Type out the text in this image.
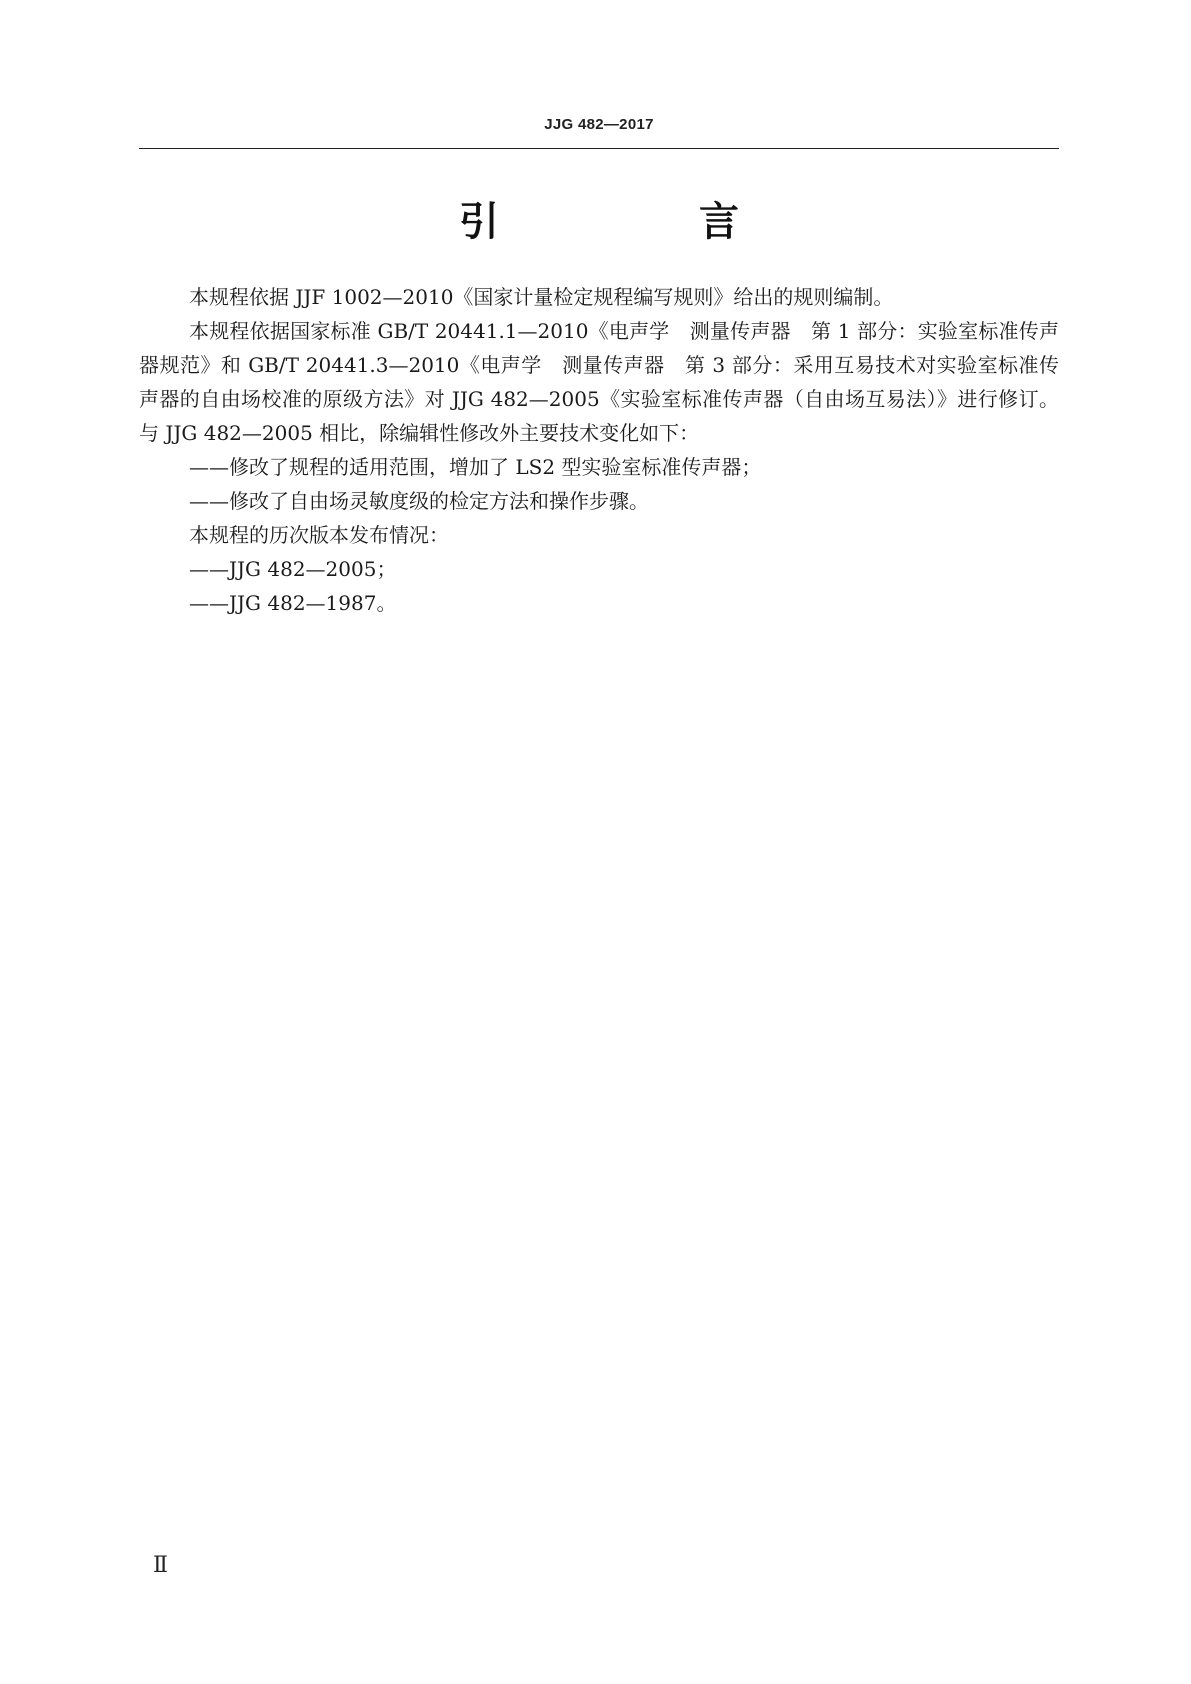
JJG 482—2017
引　言

本规程依据 JJF 1002—2010《国家计量检定规程编写规则》给出的规则编制。

本规程依据国家标准 GB/T 20441.1—2010《电声学　测量传声器　第 1 部分：实验室标准传声器规范》和 GB/T 20441.3—2010《电声学　测量传声器　第 3 部分：采用互易技术对实验室标准传声器的自由场校准的原级方法》对 JJG 482—2005《实验室标准传声器（自由场互易法）》进行修订。与 JJG 482—2005 相比，除编辑性修改外主要技术变化如下：

——修改了规程的适用范围，增加了 LS2 型实验室标准传声器；

——修改了自由场灵敏度级的检定方法和操作步骤。

本规程的历次版本发布情况：

——JJG 482—2005；

——JJG 482—1987。

Ⅱ
